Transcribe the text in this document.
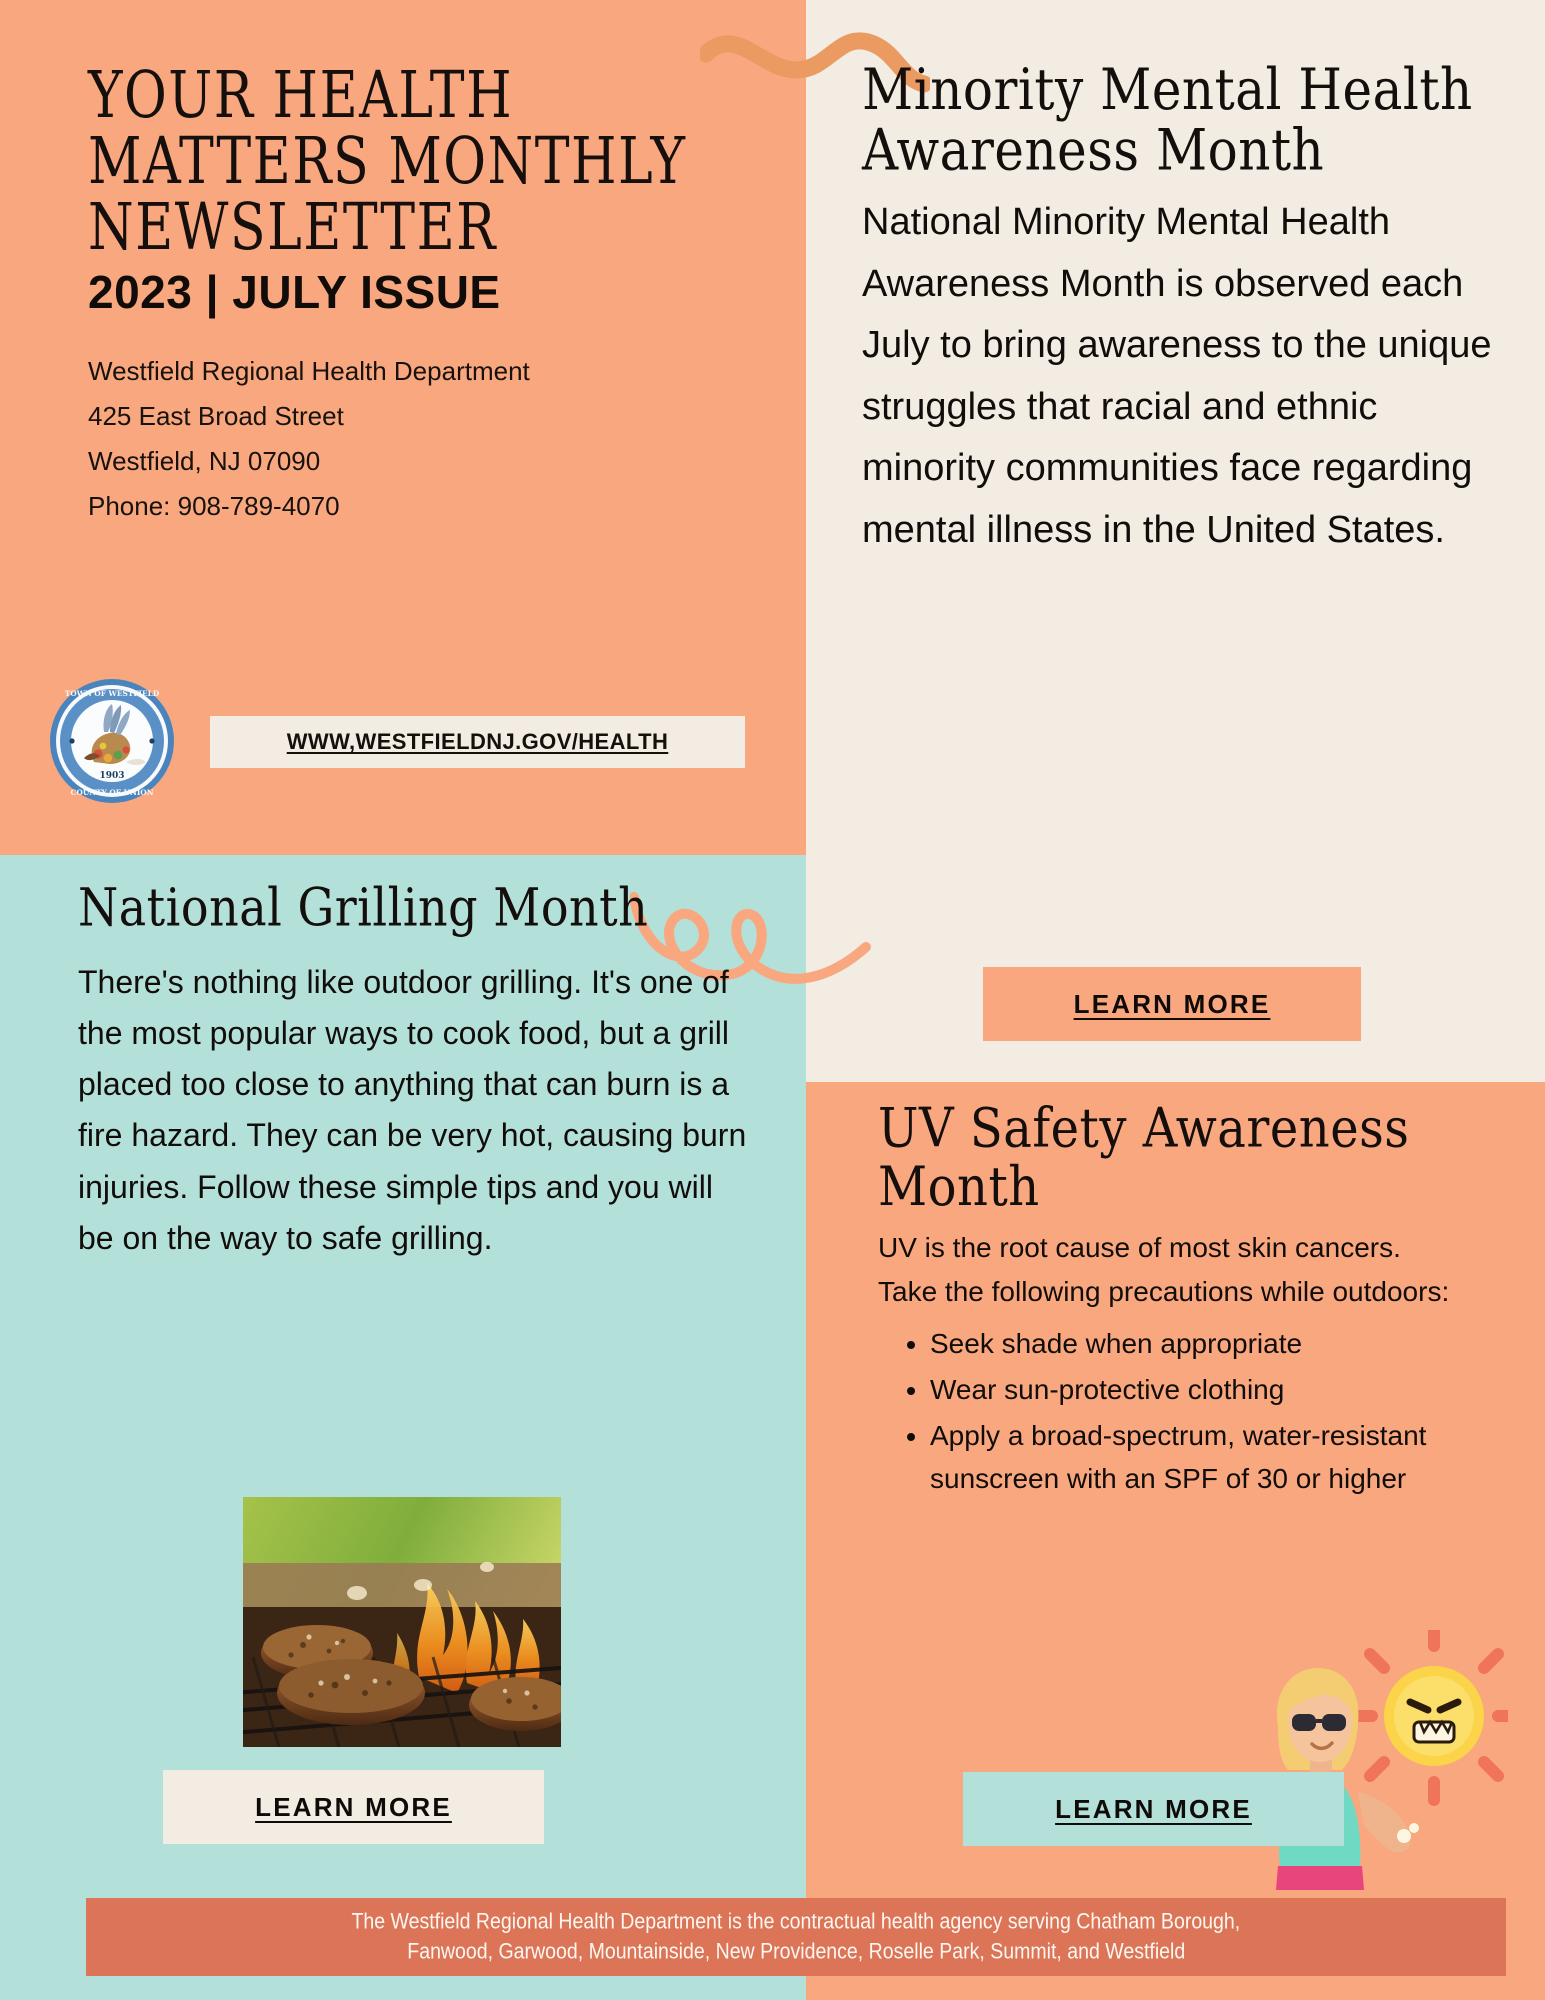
YOUR HEALTH MATTERS MONTHLY NEWSLETTER
2023 | JULY ISSUE
Westfield Regional Health Department
425 East Broad Street
Westfield, NJ 07090
Phone: 908-789-4070
1903
TOWN OF WESTFIELD
COUNTY OF UNION
WWW,WESTFIELDNJ.GOV/HEALTH
Minority Mental Health Awareness Month
National Minority Mental Health Awareness Month is observed each July to bring awareness to the unique struggles that racial and ethnic minority communities face regarding mental illness in the United States.
LEARN MORE
National Grilling Month
There's nothing like outdoor grilling. It's one of the most popular ways to cook food, but a grill placed too close to anything that can burn is a fire hazard. They can be very hot, causing burn injuries. Follow these simple tips and you will be on the way to safe grilling.
LEARN MORE
UV Safety Awareness Month
UV is the root cause of most skin cancers. Take the following precautions while outdoors:
• Seek shade when appropriate
• Wear sun-protective clothing
• Apply a broad-spectrum, water-resistant sunscreen with an SPF of 30 or higher
LEARN MORE
The Westfield Regional Health Department is the contractual health agency serving Chatham Borough,
Fanwood, Garwood, Mountainside, New Providence, Roselle Park, Summit, and Westfield
